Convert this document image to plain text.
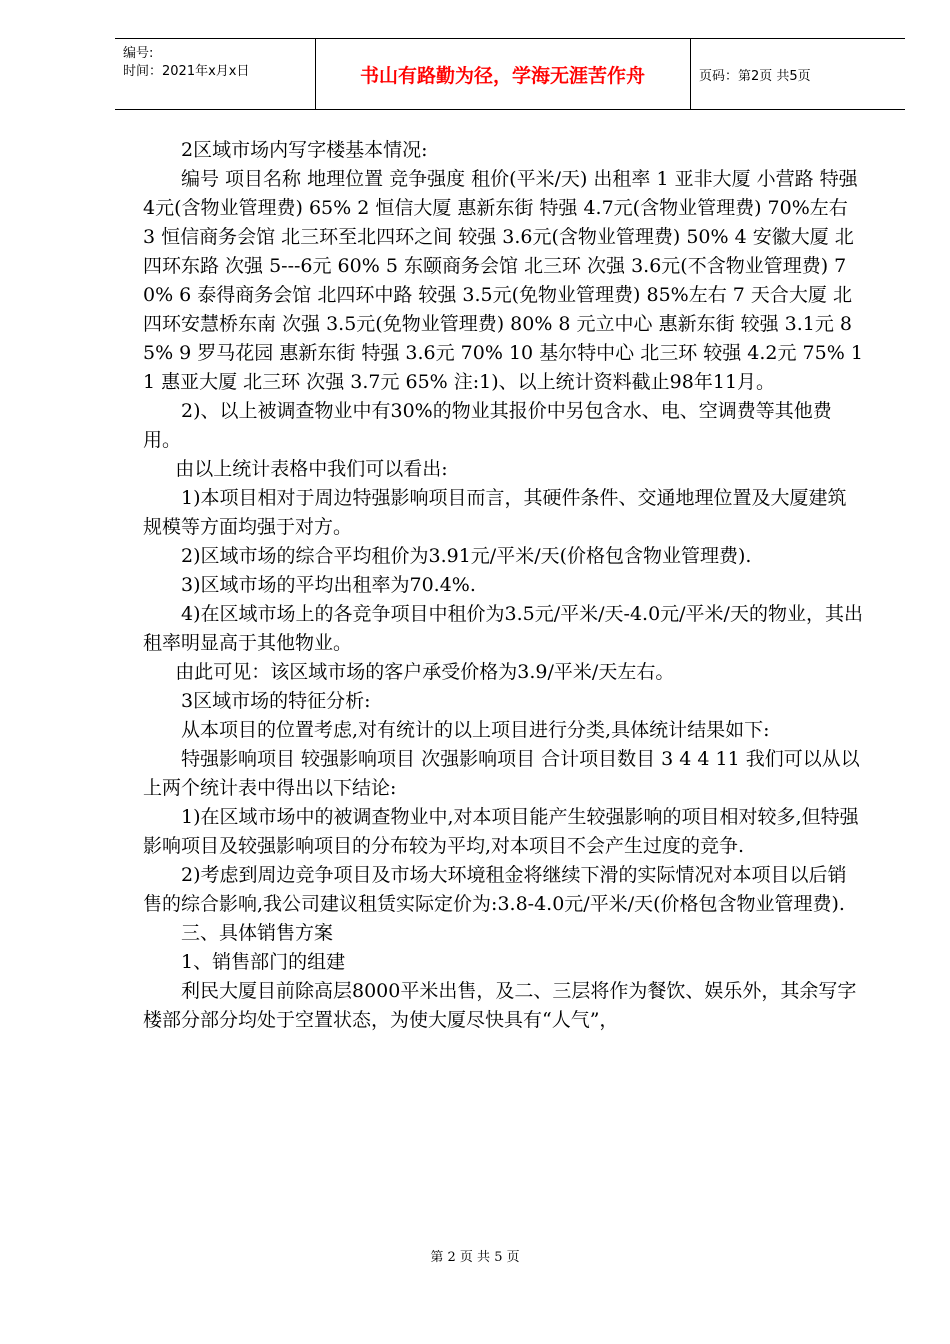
编号:
时间：2021年x月x日	书山有路勤为径，学海无涯苦作舟	页码：第2页 共5页

2区域市场内写字楼基本情况:

编号 项目名称 地理位置 竞争强度 租价(平米/天) 出租率 1 亚非大厦 小营路 特强 4元(含物业管理费) 65% 2 恒信大厦 惠新东街 特强 4.7元(含物业管理费) 70%左右 3 恒信商务会馆 北三环至北四环之间 较强 3.6元(含物业管理费) 50% 4 安徽大厦 北四环东路 次强 5---6元 60% 5 东颐商务会馆 北三环 次强 3.6元(不含物业管理费) 70% 6 泰得商务会馆 北四环中路 较强 3.5元(免物业管理费) 85%左右 7 天合大厦 北四环安慧桥东南 次强 3.5元(免物业管理费) 80% 8 元立中心 惠新东街 较强 3.1元 85% 9 罗马花园 惠新东街 特强 3.6元 70% 10 基尔特中心 北三环 较强 4.2元 75% 11 惠亚大厦 北三环 次强 3.7元 65% 注:1)、以上统计资料截止98年11月。

2)、以上被调查物业中有30%的物业其报价中另包含水、电、空调费等其他费用。

由以上统计表格中我们可以看出:

1)本项目相对于周边特强影响项目而言，其硬件条件、交通地理位置及大厦建筑规模等方面均强于对方。

2)区域市场的综合平均租价为3.91元/平米/天(价格包含物业管理费).

3)区域市场的平均出租率为70.4%.

4)在区域市场上的各竞争项目中租价为3.5元/平米/天-4.0元/平米/天的物业，其出租率明显高于其他物业。

由此可见：该区域市场的客户承受价格为3.9/平米/天左右。

3区域市场的特征分析:

从本项目的位置考虑,对有统计的以上项目进行分类,具体统计结果如下:

特强影响项目 较强影响项目 次强影响项目 合计项目数目 3 4 4 11 我们可以从以上两个统计表中得出以下结论:

1)在区域市场中的被调查物业中,对本项目能产生较强影响的项目相对较多,但特强影响项目及较强影响项目的分布较为平均,对本项目不会产生过度的竞争.

2)考虑到周边竞争项目及市场大环境租金将继续下滑的实际情况对本项目以后销售的综合影响,我公司建议租赁实际定价为:3.8-4.0元/平米/天(价格包含物业管理费).

三、具体销售方案

1、销售部门的组建

利民大厦目前除高层8000平米出售，及二、三层将作为餐饮、娱乐外，其余写字楼部分部分均处于空置状态，为使大厦尽快具有“人气”，

第 2 页 共 5 页
